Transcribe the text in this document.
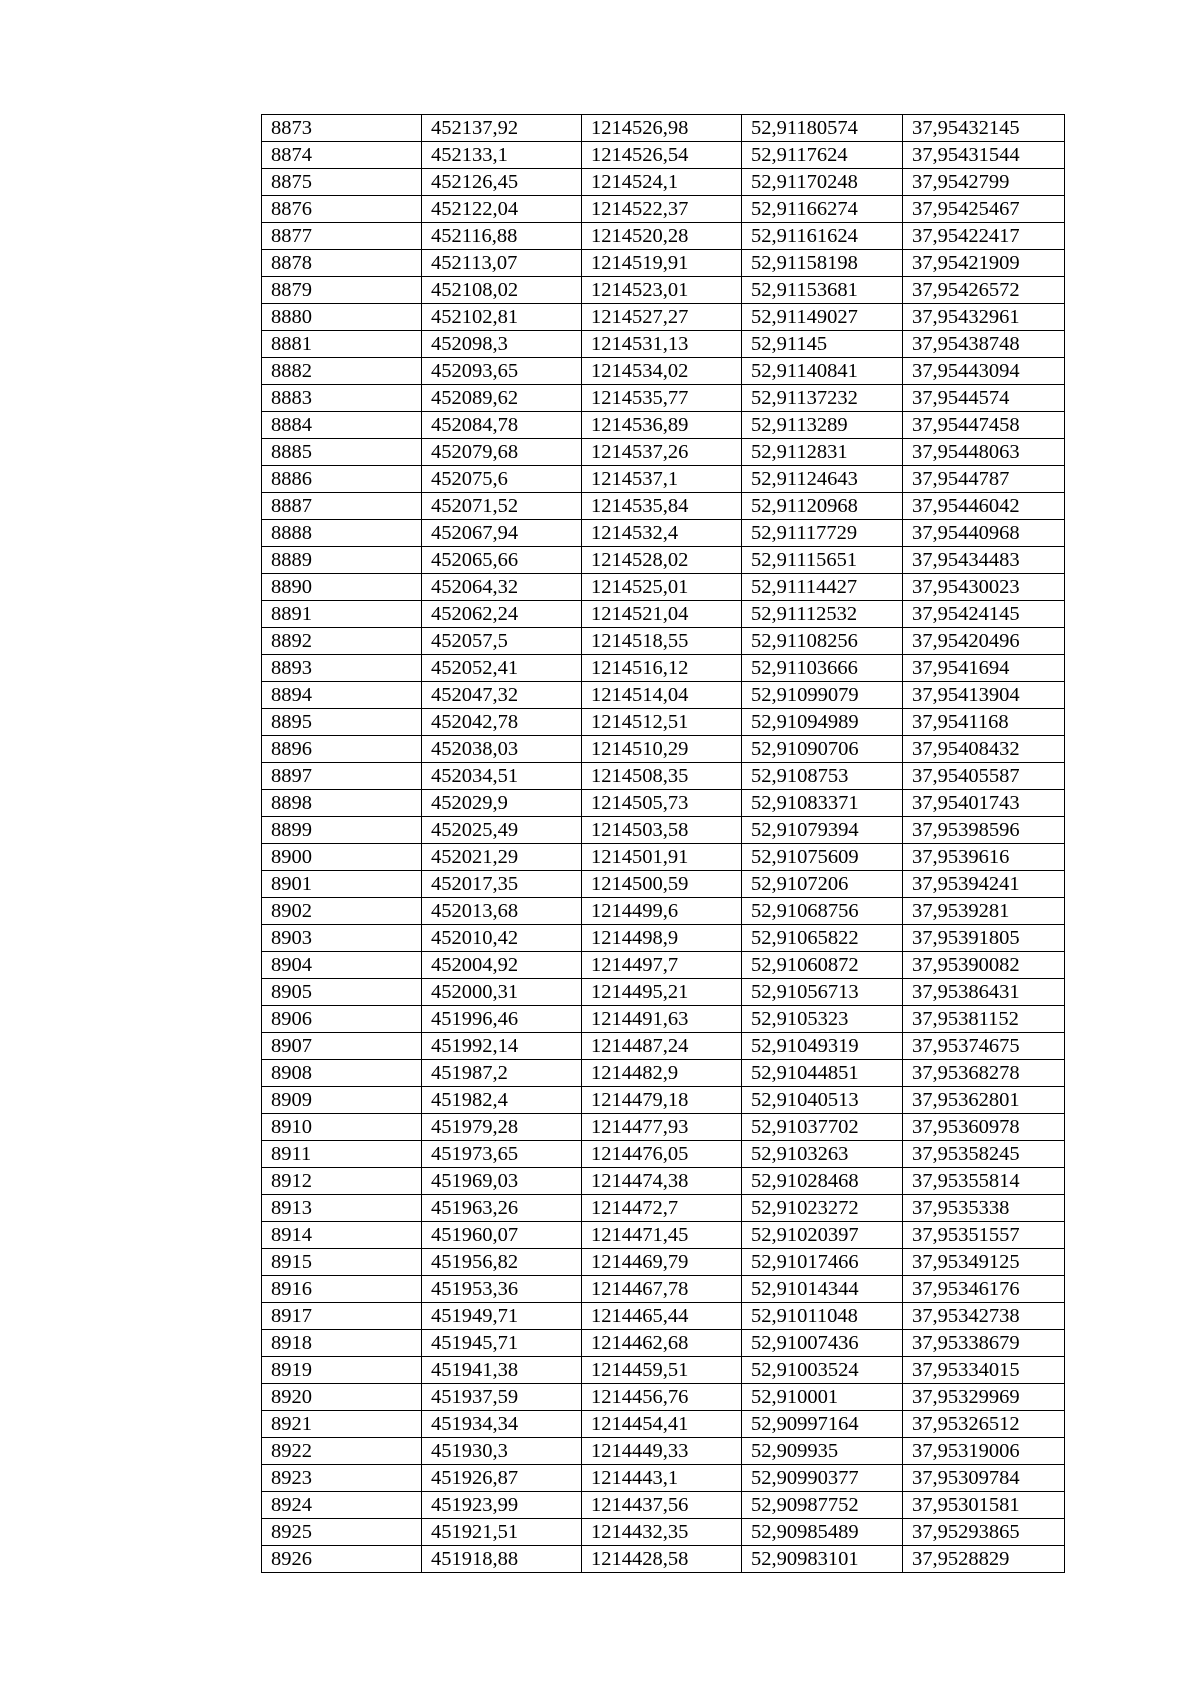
8873	452137,92	1214526,98	52,91180574	37,95432145
8874	452133,1	1214526,54	52,9117624	37,95431544
8875	452126,45	1214524,1	52,91170248	37,9542799
8876	452122,04	1214522,37	52,91166274	37,95425467
8877	452116,88	1214520,28	52,91161624	37,95422417
8878	452113,07	1214519,91	52,91158198	37,95421909
8879	452108,02	1214523,01	52,91153681	37,95426572
8880	452102,81	1214527,27	52,91149027	37,95432961
8881	452098,3	1214531,13	52,91145	37,95438748
8882	452093,65	1214534,02	52,91140841	37,95443094
8883	452089,62	1214535,77	52,91137232	37,9544574
8884	452084,78	1214536,89	52,9113289	37,95447458
8885	452079,68	1214537,26	52,9112831	37,95448063
8886	452075,6	1214537,1	52,91124643	37,9544787
8887	452071,52	1214535,84	52,91120968	37,95446042
8888	452067,94	1214532,4	52,91117729	37,95440968
8889	452065,66	1214528,02	52,91115651	37,95434483
8890	452064,32	1214525,01	52,91114427	37,95430023
8891	452062,24	1214521,04	52,91112532	37,95424145
8892	452057,5	1214518,55	52,91108256	37,95420496
8893	452052,41	1214516,12	52,91103666	37,9541694
8894	452047,32	1214514,04	52,91099079	37,95413904
8895	452042,78	1214512,51	52,91094989	37,9541168
8896	452038,03	1214510,29	52,91090706	37,95408432
8897	452034,51	1214508,35	52,9108753	37,95405587
8898	452029,9	1214505,73	52,91083371	37,95401743
8899	452025,49	1214503,58	52,91079394	37,95398596
8900	452021,29	1214501,91	52,91075609	37,9539616
8901	452017,35	1214500,59	52,9107206	37,95394241
8902	452013,68	1214499,6	52,91068756	37,9539281
8903	452010,42	1214498,9	52,91065822	37,95391805
8904	452004,92	1214497,7	52,91060872	37,95390082
8905	452000,31	1214495,21	52,91056713	37,95386431
8906	451996,46	1214491,63	52,9105323	37,95381152
8907	451992,14	1214487,24	52,91049319	37,95374675
8908	451987,2	1214482,9	52,91044851	37,95368278
8909	451982,4	1214479,18	52,91040513	37,95362801
8910	451979,28	1214477,93	52,91037702	37,95360978
8911	451973,65	1214476,05	52,9103263	37,95358245
8912	451969,03	1214474,38	52,91028468	37,95355814
8913	451963,26	1214472,7	52,91023272	37,9535338
8914	451960,07	1214471,45	52,91020397	37,95351557
8915	451956,82	1214469,79	52,91017466	37,95349125
8916	451953,36	1214467,78	52,91014344	37,95346176
8917	451949,71	1214465,44	52,91011048	37,95342738
8918	451945,71	1214462,68	52,91007436	37,95338679
8919	451941,38	1214459,51	52,91003524	37,95334015
8920	451937,59	1214456,76	52,910001	37,95329969
8921	451934,34	1214454,41	52,90997164	37,95326512
8922	451930,3	1214449,33	52,909935	37,95319006
8923	451926,87	1214443,1	52,90990377	37,95309784
8924	451923,99	1214437,56	52,90987752	37,95301581
8925	451921,51	1214432,35	52,90985489	37,95293865
8926	451918,88	1214428,58	52,90983101	37,9528829
